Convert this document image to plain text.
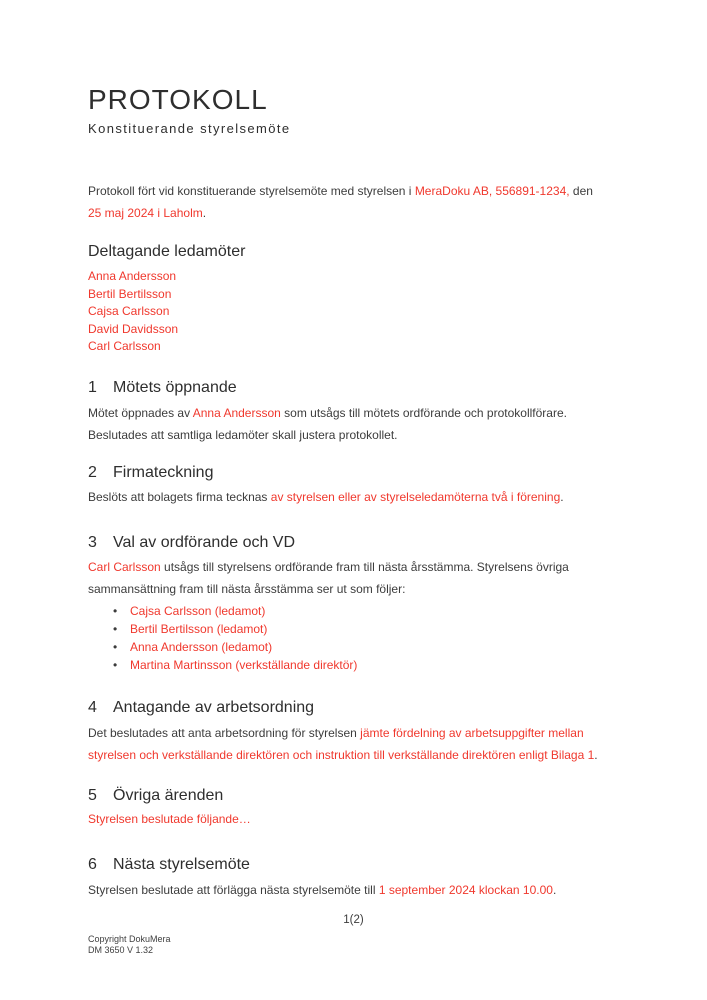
PROTOKOLL
Konstituerande styrelsemöte

Protokoll fört vid konstituerande styrelsemöte med styrelsen i MeraDoku AB, 556891-1234, den
25 maj 2024 i Laholm.

Deltagande ledamöter
Anna Andersson
Bertil Bertilsson
Cajsa Carlsson
David Davidsson
Carl Carlsson
1	Mötets öppnande

Mötet öppnades av Anna Andersson som utsågs till mötets ordförande och protokollförare.
Beslutades att samtliga ledamöter skall justera protokollet.

2	Firmateckning

Beslöts att bolagets firma tecknas av styrelsen eller av styrelseledamöterna två i förening.

3	Val av ordförande och VD

Carl Carlsson utsågs till styrelsens ordförande fram till nästa årsstämma. Styrelsens övriga
sammansättning fram till nästa årsstämma ser ut som följer:

• Cajsa Carlsson (ledamot)
• Bertil Bertilsson (ledamot)
• Anna Andersson (ledamot)
• Martina Martinsson (verkställande direktör)
4	Antagande av arbetsordning

Det beslutades att anta arbetsordning för styrelsen jämte fördelning av arbetsuppgifter mellan
styrelsen och verkställande direktören och instruktion till verkställande direktören enligt Bilaga 1.

5	Övriga ärenden

Styrelsen beslutade följande…

6	Nästa styrelsemöte

Styrelsen beslutade att förlägga nästa styrelsemöte till 1 september 2024 klockan 10.00.

1(2)
Copyright DokuMera
DM 3650 V 1.32
